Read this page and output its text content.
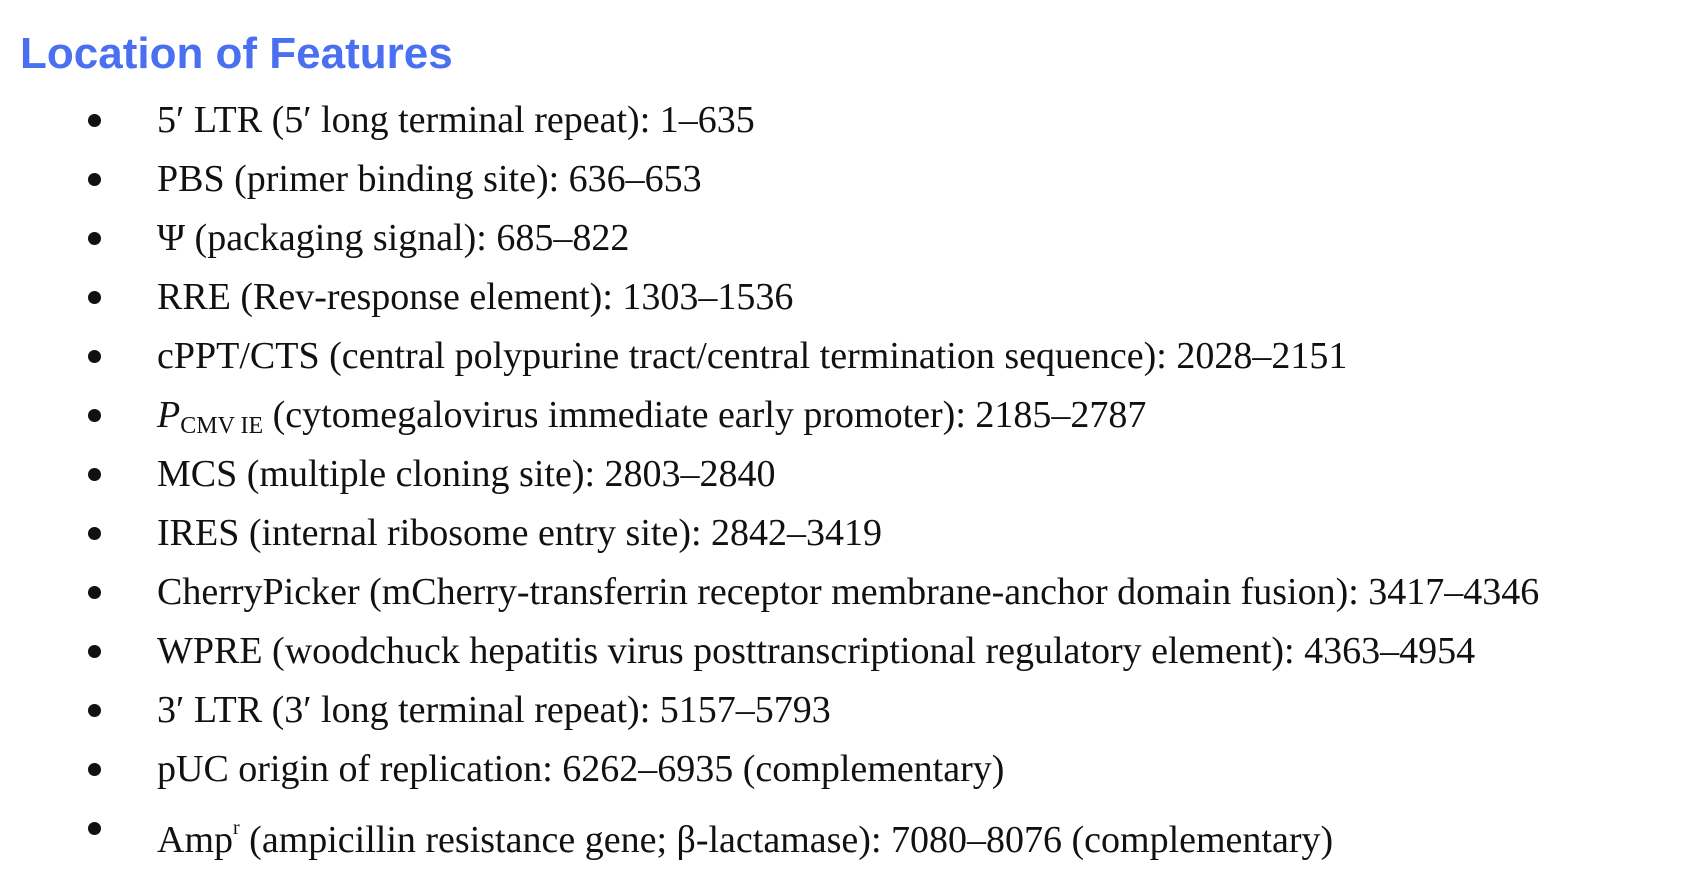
Location of Features
5′ LTR (5′ long terminal repeat): 1–635
PBS (primer binding site): 636–653
Ψ (packaging signal): 685–822
RRE (Rev-response element): 1303–1536
cPPT/CTS (central polypurine tract/central termination sequence): 2028–2151
$P_{CMV IE}$ (cytomegalovirus immediate early promoter): 2185–2787
MCS (multiple cloning site): 2803–2840
IRES (internal ribosome entry site): 2842–3419
CherryPicker (mCherry-transferrin receptor membrane-anchor domain fusion): 3417–4346
WPRE (woodchuck hepatitis virus posttranscriptional regulatory element): 4363–4954
3′ LTR (3′ long terminal repeat): 5157–5793
pUC origin of replication: 6262–6935 (complementary)
Amp$^r$ (ampicillin resistance gene; β-lactamase): 7080–8076 (complementary)
